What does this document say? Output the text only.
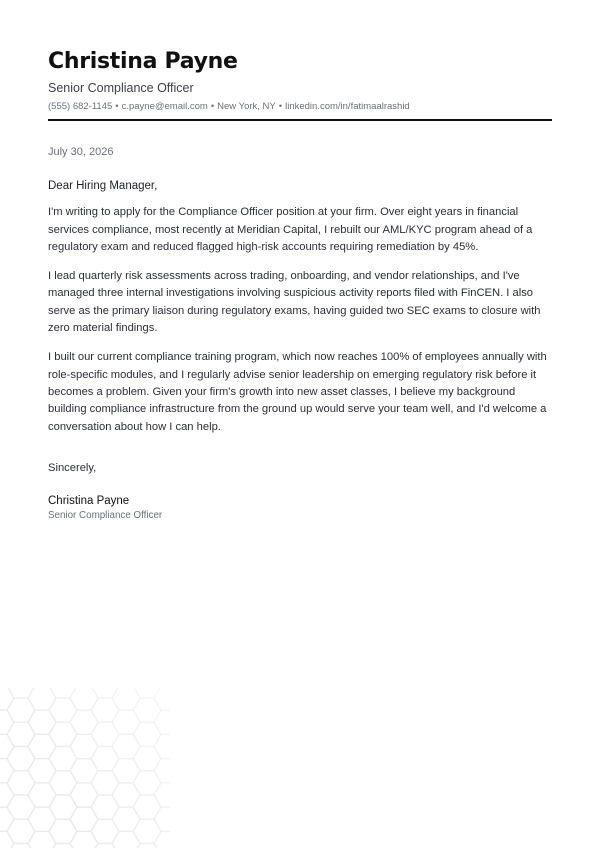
Christina Payne
Senior Compliance Officer
(555) 682-1145 • c.payne@email.com • New York, NY • linkedin.com/in/fatimaalrashid
July 30, 2026

Dear Hiring Manager,

I'm writing to apply for the Compliance Officer position at your firm. Over eight years in financial services compliance, most recently at Meridian Capital, I rebuilt our AML/KYC program ahead of a regulatory exam and reduced flagged high-risk accounts requiring remediation by 45%.

I lead quarterly risk assessments across trading, onboarding, and vendor relationships, and I've managed three internal investigations involving suspicious activity reports filed with FinCEN. I also serve as the primary liaison during regulatory exams, having guided two SEC exams to closure with zero material findings.

I built our current compliance training program, which now reaches 100% of employees annually with role-specific modules, and I regularly advise senior leadership on emerging regulatory risk before it becomes a problem. Given your firm's growth into new asset classes, I believe my background building compliance infrastructure from the ground up would serve your team well, and I'd welcome a conversation about how I can help.

Sincerely,
Christina Payne
Senior Compliance Officer
